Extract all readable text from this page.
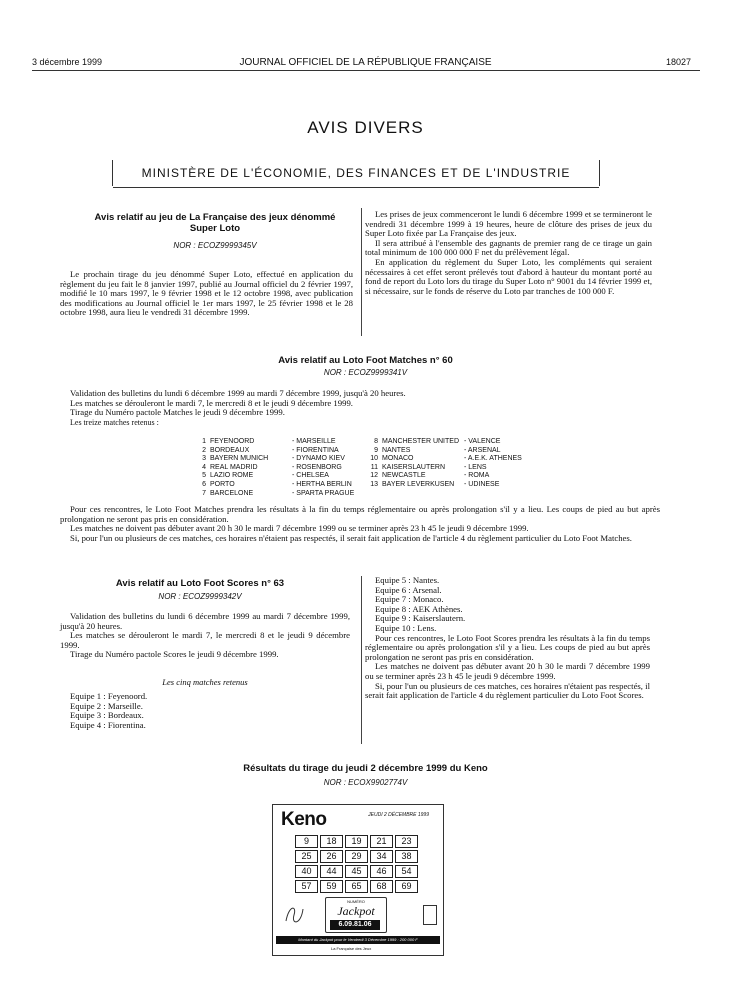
3 décembre 1999	JOURNAL OFFICIEL DE LA RÉPUBLIQUE FRANÇAISE	18027
AVIS DIVERS
MINISTÈRE DE L'ÉCONOMIE, DES FINANCES ET DE L'INDUSTRIE
Avis relatif au jeu de La Française des jeux dénommé Super Loto
NOR : ECOZ9999345V
Le prochain tirage du jeu dénommé Super Loto, effectué en application du règlement du jeu fait le 8 janvier 1997, publié au Journal officiel du 2 février 1997, modifié le 10 mars 1997, le 9 février 1998 et le 12 octobre 1998, avec publication des modifications au Journal officiel le 1er mars 1997, le 25 février 1998 et le 28 octobre 1998, aura lieu le vendredi 31 décembre 1999.
Les prises de jeux commenceront le lundi 6 décembre 1999 et se termineront le vendredi 31 décembre 1999 à 19 heures, heure de clôture des prises de jeux du Super Loto fixée par La Française des jeux.
Il sera attribué à l'ensemble des gagnants de premier rang de ce tirage un gain total minimum de 100 000 000 F net du prélèvement légal.
En application du règlement du Super Loto, les compléments qui seraient nécessaires à cet effet seront prélevés tout d'abord à hauteur du montant porté au fond de report du Loto lors du tirage du Super Loto n° 9001 du 14 février 1999 et, si nécessaire, sur le fonds de réserve du Loto par tranches de 100 000 F.
Avis relatif au Loto Foot Matches n° 60
NOR : ECOZ9999341V
Validation des bulletins du lundi 6 décembre 1999 au mardi 7 décembre 1999, jusqu'à 20 heures.
Les matches se dérouleront le mardi 7, le mercredi 8 et le jeudi 9 décembre 1999.
Tirage du Numéro pactole Matches le jeudi 9 décembre 1999.
Les treize matches retenus :
1 FEYENOORD	- MARSEILLE
2 BORDEAUX	- FIORENTINA
3 BAYERN MUNICH	- DYNAMO KIEV
4 REAL MADRID	- ROSENBORG
5 LAZIO ROME	- CHELSEA
6 PORTO	- HERTHA BERLIN
7 BARCELONE	- SPARTA PRAGUE
8 MANCHESTER UNITED - VALENCE
9 NANTES	- ARSENAL
10 MONACO	- A.E.K. ATHENES
11 KAISERSLAUTERN	- LENS
12 NEWCASTLE	- ROMA
13 BAYER LEVERKUSEN - UDINESE
Pour ces rencontres, le Loto Foot Matches prendra les résultats à la fin du temps réglementaire ou après prolongation s'il y a lieu. Les coups de pied au but après prolongation ne seront pas pris en considération.
Les matches ne doivent pas débuter avant 20 h 30 le mardi 7 décembre 1999 ou se terminer après 23 h 45 le jeudi 9 décembre 1999.
Si, pour l'un ou plusieurs de ces matches, ces horaires n'étaient pas respectés, il serait fait application de l'article 4 du règlement particulier du Loto Foot Matches.
Avis relatif au Loto Foot Scores n° 63
NOR : ECOZ9999342V
Validation des bulletins du lundi 6 décembre 1999 au mardi 7 décembre 1999, jusqu'à 20 heures.
Les matches se dérouleront le mardi 7, le mercredi 8 et le jeudi 9 décembre 1999.
Tirage du Numéro pactole Scores le jeudi 9 décembre 1999.
Les cinq matches retenus
Equipe 1 : Feyenoord.
Equipe 2 : Marseille.
Equipe 3 : Bordeaux.
Equipe 4 : Fiorentina.
Equipe 5 : Nantes.
Equipe 6 : Arsenal.
Equipe 7 : Monaco.
Equipe 8 : AEK Athènes.
Equipe 9 : Kaiserslautern.
Equipe 10 : Lens.
Pour ces rencontres, le Loto Foot Scores prendra les résultats à la fin du temps réglementaire ou après prolongation s'il y a lieu. Les coups de pied au but après prolongation ne seront pas pris en considération.
Les matches ne doivent pas débuter avant 20 h 30 le mardi 7 décembre 1999 ou se terminer après 23 h 45 le jeudi 9 décembre 1999.
Si, pour l'un ou plusieurs de ces matches, ces horaires n'étaient pas respectés, il serait fait application de l'article 4 du règlement particulier du Loto Foot Scores.
Résultats du tirage du jeudi 2 décembre 1999 du Keno
NOR : ECOX9902774V
Keno	JEUDI 2 DÉCEMBRE 1999
9	18	19	21	23
25	26	29	34	38
40	44	45	46	54
57	59	65	68	69
NUMÉRO
Jackpot
6.09.81.06
Montant du Jackpot pour le Vendredi 3 Décembre 1999 : 200 000 F
La Française des Jeux
